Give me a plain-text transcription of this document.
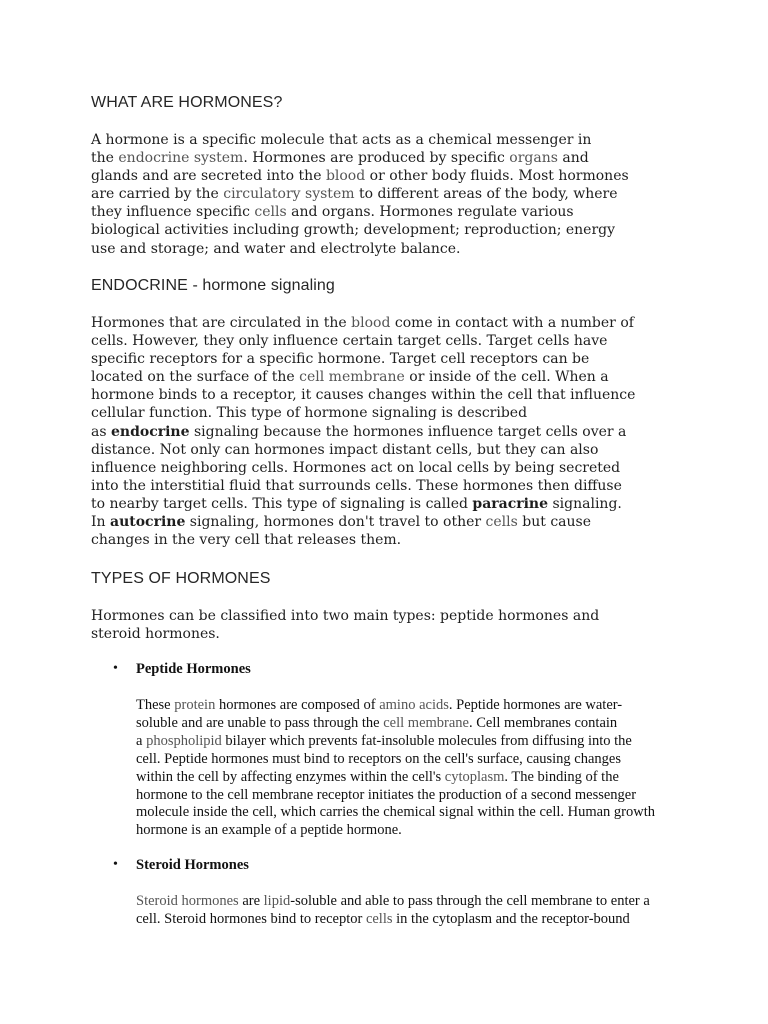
WHAT ARE HORMONES?

A hormone is a specific molecule that acts as a chemical messenger in
the endocrine system. Hormones are produced by specific organs and
glands and are secreted into the blood or other body fluids. Most hormones
are carried by the circulatory system to different areas of the body, where
they influence specific cells and organs. Hormones regulate various
biological activities including growth; development; reproduction; energy
use and storage; and water and electrolyte balance.

ENDOCRINE - hormone signaling

Hormones that are circulated in the blood come in contact with a number of
cells. However, they only influence certain target cells. Target cells have
specific receptors for a specific hormone. Target cell receptors can be
located on the surface of the cell membrane or inside of the cell. When a
hormone binds to a receptor, it causes changes within the cell that influence
cellular function. This type of hormone signaling is described
as endocrine signaling because the hormones influence target cells over a
distance. Not only can hormones impact distant cells, but they can also
influence neighboring cells. Hormones act on local cells by being secreted
into the interstitial fluid that surrounds cells. These hormones then diffuse
to nearby target cells. This type of signaling is called paracrine signaling.
In autocrine signaling, hormones don't travel to other cells but cause
changes in the very cell that releases them.

TYPES OF HORMONES

Hormones can be classified into two main types: peptide hormones and
steroid hormones.

• Peptide Hormones

These protein hormones are composed of amino acids. Peptide hormones are water-
soluble and are unable to pass through the cell membrane. Cell membranes contain
a phospholipid bilayer which prevents fat-insoluble molecules from diffusing into the
cell. Peptide hormones must bind to receptors on the cell's surface, causing changes
within the cell by affecting enzymes within the cell's cytoplasm. The binding of the
hormone to the cell membrane receptor initiates the production of a second messenger
molecule inside the cell, which carries the chemical signal within the cell. Human growth
hormone is an example of a peptide hormone.

• Steroid Hormones

Steroid hormones are lipid-soluble and able to pass through the cell membrane to enter a
cell. Steroid hormones bind to receptor cells in the cytoplasm and the receptor-bound
